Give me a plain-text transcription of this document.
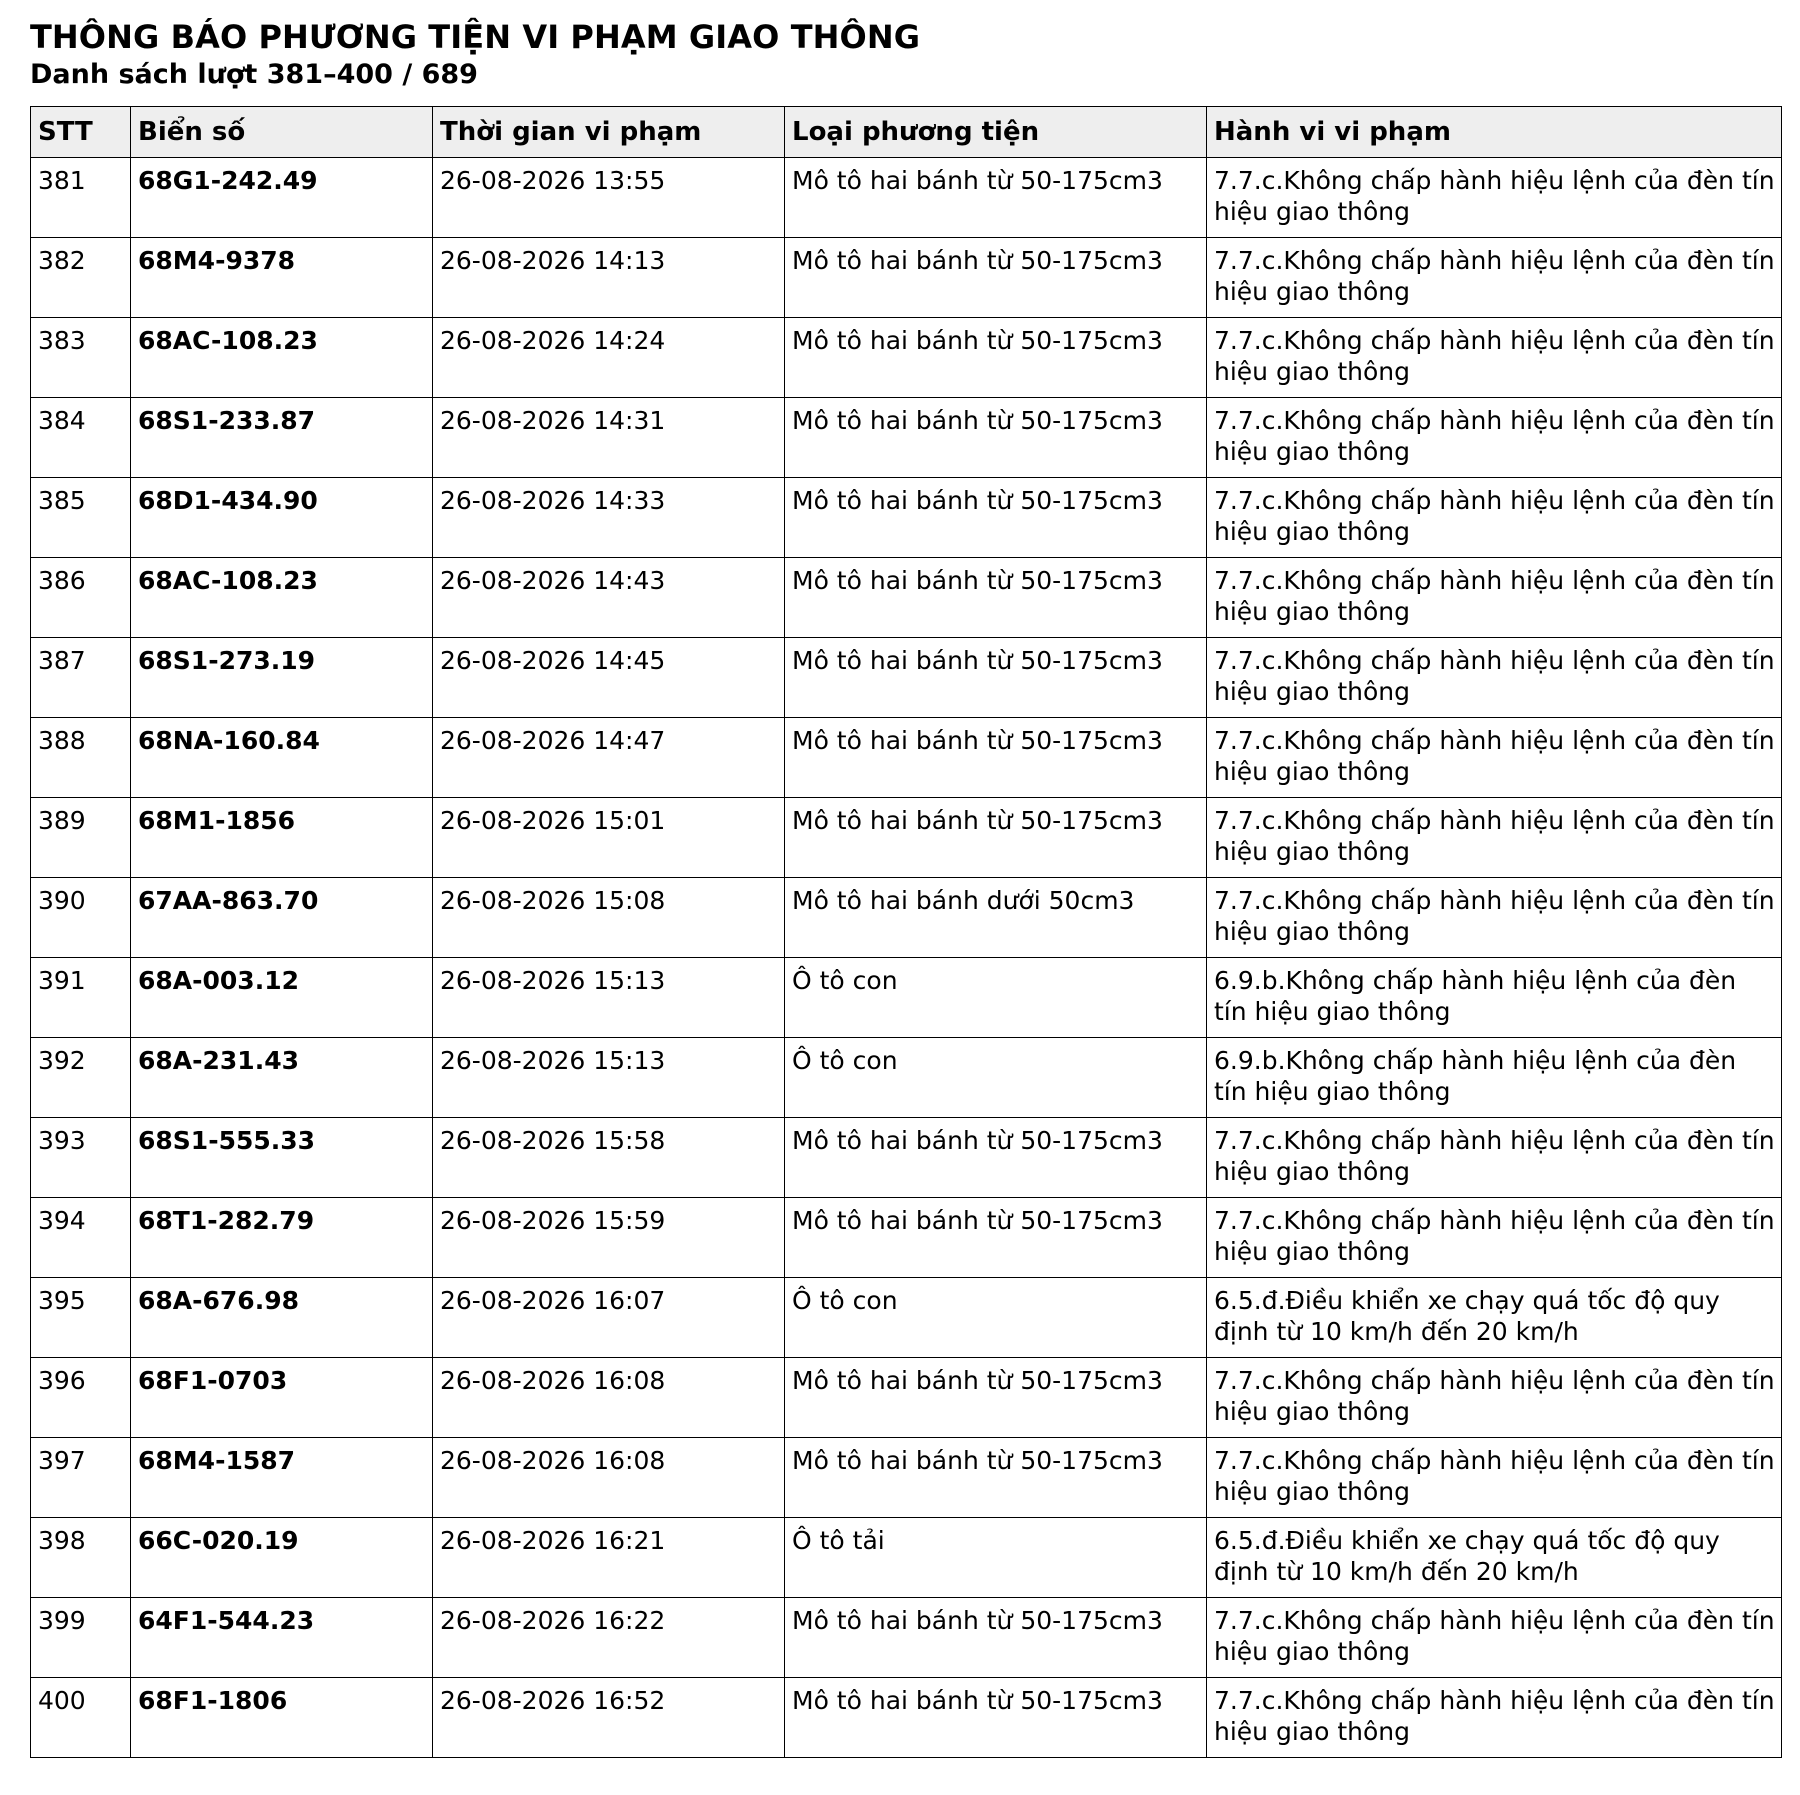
THÔNG BÁO PHƯƠNG TIỆN VI PHẠM GIAO THÔNG
Danh sách lượt 381–400 / 689
STT	Biển số	Thời gian vi phạm	Loại phương tiện	Hành vi vi phạm
381	68G1-242.49	26-08-2026 13:55	Mô tô hai bánh từ 50-175cm3	7.7.c.Không chấp hành hiệu lệnh của đèn tín hiệu giao thông
382	68M4-9378	26-08-2026 14:13	Mô tô hai bánh từ 50-175cm3	7.7.c.Không chấp hành hiệu lệnh của đèn tín hiệu giao thông
383	68AC-108.23	26-08-2026 14:24	Mô tô hai bánh từ 50-175cm3	7.7.c.Không chấp hành hiệu lệnh của đèn tín hiệu giao thông
384	68S1-233.87	26-08-2026 14:31	Mô tô hai bánh từ 50-175cm3	7.7.c.Không chấp hành hiệu lệnh của đèn tín hiệu giao thông
385	68D1-434.90	26-08-2026 14:33	Mô tô hai bánh từ 50-175cm3	7.7.c.Không chấp hành hiệu lệnh của đèn tín hiệu giao thông
386	68AC-108.23	26-08-2026 14:43	Mô tô hai bánh từ 50-175cm3	7.7.c.Không chấp hành hiệu lệnh của đèn tín hiệu giao thông
387	68S1-273.19	26-08-2026 14:45	Mô tô hai bánh từ 50-175cm3	7.7.c.Không chấp hành hiệu lệnh của đèn tín hiệu giao thông
388	68NA-160.84	26-08-2026 14:47	Mô tô hai bánh từ 50-175cm3	7.7.c.Không chấp hành hiệu lệnh của đèn tín hiệu giao thông
389	68M1-1856	26-08-2026 15:01	Mô tô hai bánh từ 50-175cm3	7.7.c.Không chấp hành hiệu lệnh của đèn tín hiệu giao thông
390	67AA-863.70	26-08-2026 15:08	Mô tô hai bánh dưới 50cm3	7.7.c.Không chấp hành hiệu lệnh của đèn tín hiệu giao thông
391	68A-003.12	26-08-2026 15:13	Ô tô con	6.9.b.Không chấp hành hiệu lệnh của đèn tín hiệu giao thông
392	68A-231.43	26-08-2026 15:13	Ô tô con	6.9.b.Không chấp hành hiệu lệnh của đèn tín hiệu giao thông
393	68S1-555.33	26-08-2026 15:58	Mô tô hai bánh từ 50-175cm3	7.7.c.Không chấp hành hiệu lệnh của đèn tín hiệu giao thông
394	68T1-282.79	26-08-2026 15:59	Mô tô hai bánh từ 50-175cm3	7.7.c.Không chấp hành hiệu lệnh của đèn tín hiệu giao thông
395	68A-676.98	26-08-2026 16:07	Ô tô con	6.5.đ.Điều khiển xe chạy quá tốc độ quy định từ 10 km/h đến 20 km/h
396	68F1-0703	26-08-2026 16:08	Mô tô hai bánh từ 50-175cm3	7.7.c.Không chấp hành hiệu lệnh của đèn tín hiệu giao thông
397	68M4-1587	26-08-2026 16:08	Mô tô hai bánh từ 50-175cm3	7.7.c.Không chấp hành hiệu lệnh của đèn tín hiệu giao thông
398	66C-020.19	26-08-2026 16:21	Ô tô tải	6.5.đ.Điều khiển xe chạy quá tốc độ quy định từ 10 km/h đến 20 km/h
399	64F1-544.23	26-08-2026 16:22	Mô tô hai bánh từ 50-175cm3	7.7.c.Không chấp hành hiệu lệnh của đèn tín hiệu giao thông
400	68F1-1806	26-08-2026 16:52	Mô tô hai bánh từ 50-175cm3	7.7.c.Không chấp hành hiệu lệnh của đèn tín hiệu giao thông
